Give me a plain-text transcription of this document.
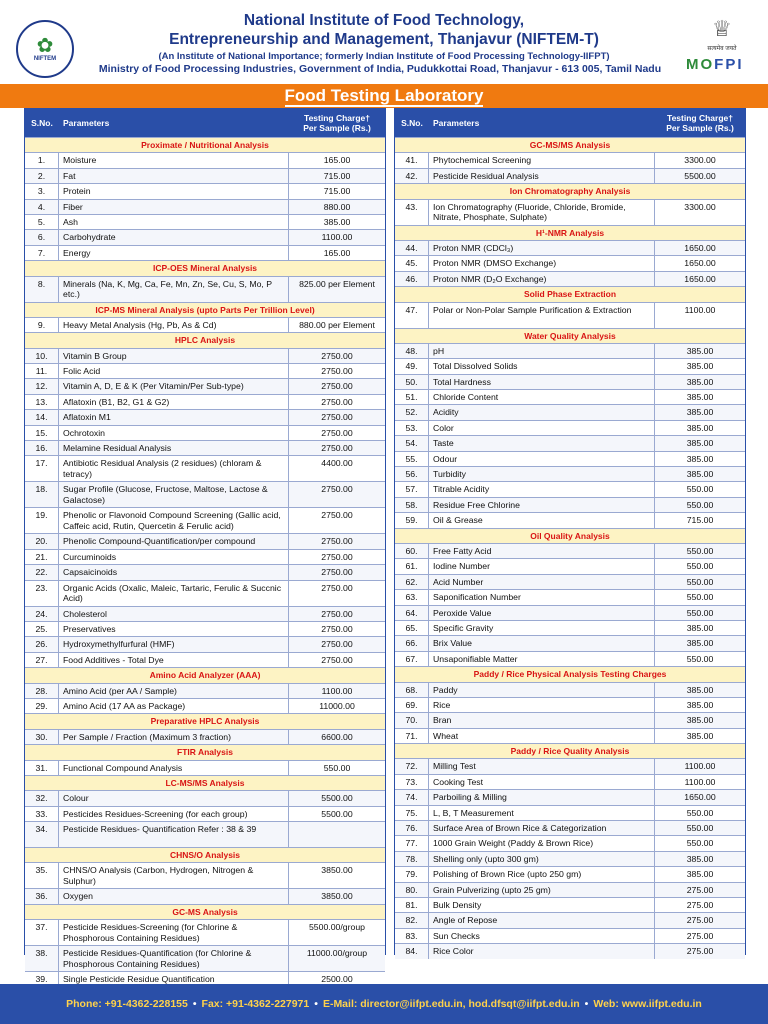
✿
NIFTEM
National Institute of Food Technology,
Entrepreneurship and Management, Thanjavur (NIFTEM-T)
(An Institute of National Importance; formerly Indian Institute of Food Processing Technology-IIFPT)
Ministry of Food Processing Industries, Government of India, Pudukkottai Road, Thanjavur - 613 005, Tamil Nadu
♕
सत्यमेव जयते
MOFPI
Food Testing Laboratory
S.No.	Parameters	Testing Charge†
Per Sample (Rs.)
Proximate / Nutritional Analysis
1.	Moisture	165.00
2.	Fat	715.00
3.	Protein	715.00
4.	Fiber	880.00
5.	Ash	385.00
6.	Carbohydrate	1100.00
7.	Energy	165.00
ICP-OES Mineral Analysis
8.	Minerals (Na, K, Mg, Ca, Fe, Mn, Zn, Se, Cu, S, Mo, P etc.)
825.00 per Element
ICP-MS Mineral Analysis (upto Parts Per Trillion Level)
9.	Heavy Metal Analysis (Hg, Pb, As & Cd)	880.00 per Element
HPLC Analysis
10.	Vitamin B Group	2750.00
11.	Folic Acid	2750.00
12.	Vitamin A, D, E & K (Per Vitamin/Per Sub-type)	2750.00
13.	Aflatoxin (B1, B2, G1 & G2)	2750.00
14.	Aflatoxin M1	2750.00
15.	Ochrotoxin	2750.00
16.	Melamine Residual Analysis	2750.00
17.	Antibiotic Residual Analysis (2 residues) (chloram & tetracy)
4400.00
18.	Sugar Profile (Glucose, Fructose, Maltose, Lactose & Galactose)
2750.00
19.	Phenolic or Flavonoid Compound Screening (Gallic acid, Caffeic acid, Rutin, Quercetin & Ferulic acid)
2750.00
20.	Phenolic Compound-Quantification/per compound	2750.00
21.	Curcuminoids	2750.00
22.	Capsaicinoids	2750.00
23.	Organic Acids (Oxalic, Maleic, Tartaric, Ferulic & Succnic Acid)
2750.00
24.	Cholesterol	2750.00
25.	Preservatives	2750.00
26.	Hydroxymethylfurfural (HMF)	2750.00
27.	Food Additives - Total Dye	2750.00
Amino Acid Analyzer (AAA)
28.	Amino Acid (per AA / Sample)	1100.00
29.	Amino Acid (17 AA as Package)	11000.00
Preparative HPLC Analysis
30.	Per Sample / Fraction (Maximum 3 fraction)	6600.00
FTIR Analysis
31.	Functional Compound Analysis	550.00
LC-MS/MS Analysis
32.	Colour	5500.00
33.	Pesticides Residues-Screening (for each group)	5500.00
34.	Pesticide Residues- Quantification Refer : 38 & 39
CHNS/O Analysis
35.	CHNS/O Analysis (Carbon, Hydrogen, Nitrogen & Sulphur)
3850.00
36.	Oxygen	3850.00
GC-MS Analysis
37.	Pesticide Residues-Screening (for Chlorine & Phosphorous Containing Residues)
5500.00/group
38.	Pesticide Residues-Quantification (for Chlorine & Phosphorous Containing Residues)
11000.00/group
39.	Single Pesticide Residue Quantification	2500.00
S.No.	Parameters	Testing Charge†
Per Sample (Rs.)
GC-MS/MS Analysis
41.	Phytochemical Screening	3300.00
42.	Pesticide Residual Analysis	5500.00
Ion Chromatography Analysis
43.	Ion Chromatography (Fluoride, Chloride, Bromide, Nitrate, Phosphate, Sulphate)
3300.00
H¹-NMR Analysis
44.	Proton NMR (CDCl₃)	1650.00
45.	Proton NMR (DMSO Exchange)	1650.00
46.	Proton NMR (D₂O Exchange)	1650.00
Solid Phase Extraction
47.	Polar or Non-Polar Sample Purification & Extraction	1100.00
Water Quality Analysis
48.	pH	385.00
49.	Total Dissolved Solids	385.00
50.	Total Hardness	385.00
51.	Chloride Content	385.00
52.	Acidity	385.00
53.	Color	385.00
54.	Taste	385.00
55.	Odour	385.00
56.	Turbidity	385.00
57.	Titrable Acidity	550.00
58.	Residue Free Chlorine	550.00
59.	Oil & Grease	715.00
Oil Quality Analysis
60.	Free Fatty Acid	550.00
61.	Iodine Number	550.00
62.	Acid Number	550.00
63.	Saponification Number	550.00
64.	Peroxide Value	550.00
65.	Specific Gravity	385.00
66.	Brix Value	385.00
67.	Unsaponifiable Matter	550.00
Paddy / Rice Physical Analysis Testing Charges
68.	Paddy	385.00
69.	Rice	385.00
70.	Bran	385.00
71.	Wheat	385.00
Paddy / Rice Quality Analysis
72.	Milling Test	1100.00
73.	Cooking Test	1100.00
74.	Parboiling & Milling	1650.00
75.	L, B, T Measurement	550.00
76.	Surface Area of Brown Rice & Categorization	550.00
77.	1000 Grain Weight (Paddy & Brown Rice)	550.00
78.	Shelling only (upto 300 gm)	385.00
79.	Polishing of Brown Rice (upto 250 gm)	385.00
80.	Grain Pulverizing (upto 25 gm)	275.00
81.	Bulk Density	275.00
82.	Angle of Repose	275.00
83.	Sun Checks	275.00
84.	Rice Color	275.00
Phone: +91-4362-228155 • Fax: +91-4362-227971 • E-Mail: director@iifpt.edu.in, hod.dfsqt@iifpt.edu.in • Web: www.iifpt.edu.in
